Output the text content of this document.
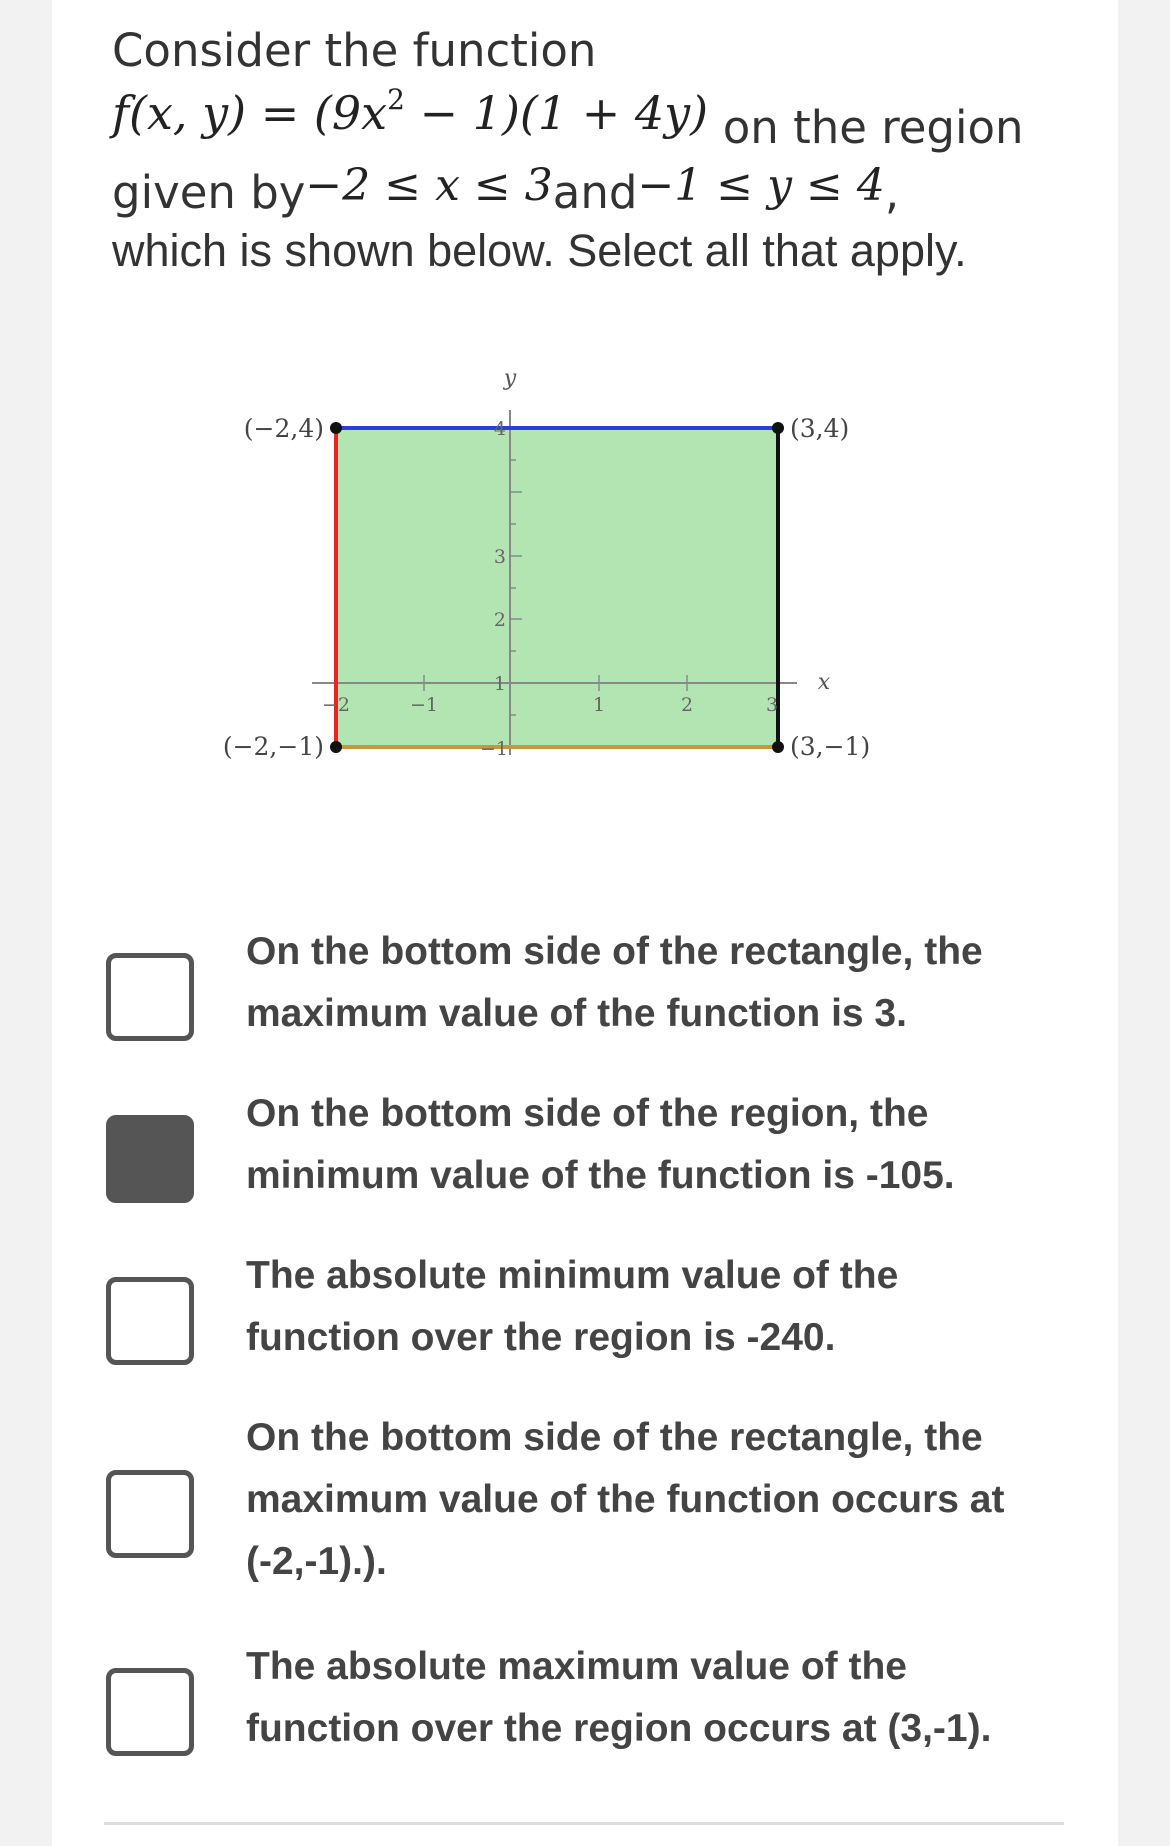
Consider the function
f(x, $y) = (9x^2 - 1)(1 + 4y)$ on the region
given by−2 ≤ x ≤ 3and−1 ≤ y ≤ 4,
which is shown below. Select all that apply.
y
x
−2	−1	1	2	3
−1
1
2
3
4
(−2,4)	(3,4)
(−2,−1)	(3,−1)
On the bottom side of the rectangle, the maximum value of the function is 3.
On the bottom side of the region, the minimum value of the function is -105.
The absolute minimum value of the function over the region is -240.
On the bottom side of the rectangle, the maximum value of the function occurs at (-2,-1).).
The absolute maximum value of the function over the region occurs at (3,-1).
